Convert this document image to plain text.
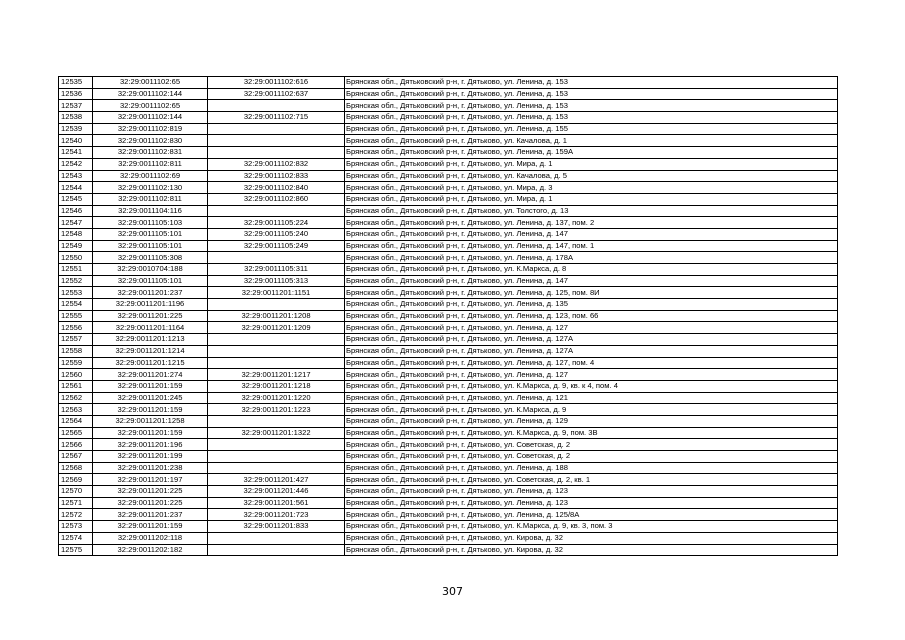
12535	32:29:0011102:65	32:29:0011102:616	Брянская обл., Дятьковский р-н, г. Дятьково, ул. Ленина, д. 153
12536	32:29:0011102:144	32:29:0011102:637	Брянская обл., Дятьковский р-н, г. Дятьково, ул. Ленина, д. 153
12537	32:29:0011102:65		Брянская обл., Дятьковский р-н, г. Дятьково, ул. Ленина, д. 153
12538	32:29:0011102:144	32:29:0011102:715	Брянская обл., Дятьковский р-н, г. Дятьково, ул. Ленина, д. 153
12539	32:29:0011102:819		Брянская обл., Дятьковский р-н, г. Дятьково, ул. Ленина, д. 155
12540	32:29:0011102:830		Брянская обл., Дятьковский р-н, г. Дятьково, ул. Качалова, д. 1
12541	32:29:0011102:831		Брянская обл., Дятьковский р-н, г. Дятьково, ул. Ленина, д. 159А
12542	32:29:0011102:811	32:29:0011102:832	Брянская обл., Дятьковский р-н, г. Дятьково, ул. Мира, д. 1
12543	32:29:0011102:69	32:29:0011102:833	Брянская обл., Дятьковский р-н, г. Дятьково, ул. Качалова, д. 5
12544	32:29:0011102:130	32:29:0011102:840	Брянская обл., Дятьковский р-н, г. Дятьково, ул. Мира, д. 3
12545	32:29:0011102:811	32:29:0011102:860	Брянская обл., Дятьковский р-н, г. Дятьково, ул. Мира, д. 1
12546	32:29:0011104:116		Брянская обл., Дятьковский р-н, г. Дятьково, ул. Толстого, д. 13
12547	32:29:0011105:103	32:29:0011105:224	Брянская обл., Дятьковский р-н, г. Дятьково, ул. Ленина, д. 137, пом. 2
12548	32:29:0011105:101	32:29:0011105:240	Брянская обл., Дятьковский р-н, г. Дятьково, ул. Ленина, д. 147
12549	32:29:0011105:101	32:29:0011105:249	Брянская обл., Дятьковский р-н, г. Дятьково, ул. Ленина, д. 147, пом. 1
12550	32:29:0011105:308		Брянская обл., Дятьковский р-н, г. Дятьково, ул. Ленина, д. 178А
12551	32:29:0010704:188	32:29:0011105:311	Брянская обл., Дятьковский р-н, г. Дятьково, ул. К.Маркса, д. 8
12552	32:29:0011105:101	32:29:0011105:313	Брянская обл., Дятьковский р-н, г. Дятьково, ул. Ленина, д. 147
12553	32:29:0011201:237	32:29:0011201:1151	Брянская обл., Дятьковский р-н, г. Дятьково, ул. Ленина, д. 125, пом. 8И
12554	32:29:0011201:1196		Брянская обл., Дятьковский р-н, г. Дятьково, ул. Ленина, д. 135
12555	32:29:0011201:225	32:29:0011201:1208	Брянская обл., Дятьковский р-н, г. Дятьково, ул. Ленина, д. 123, пом. 66
12556	32:29:0011201:1164	32:29:0011201:1209	Брянская обл., Дятьковский р-н, г. Дятьково, ул. Ленина, д. 127
12557	32:29:0011201:1213		Брянская обл., Дятьковский р-н, г. Дятьково, ул. Ленина, д. 127А
12558	32:29:0011201:1214		Брянская обл., Дятьковский р-н, г. Дятьково, ул. Ленина, д. 127А
12559	32:29:0011201:1215		Брянская обл., Дятьковский р-н, г. Дятьково, ул. Ленина, д. 127, пом. 4
12560	32:29:0011201:274	32:29:0011201:1217	Брянская обл., Дятьковский р-н, г. Дятьково, ул. Ленина, д. 127
12561	32:29:0011201:159	32:29:0011201:1218	Брянская обл., Дятьковский р-н, г. Дятьково, ул. К.Маркса, д. 9, кв. к 4, пом. 4
12562	32:29:0011201:245	32:29:0011201:1220	Брянская обл., Дятьковский р-н, г. Дятьково, ул. Ленина, д. 121
12563	32:29:0011201:159	32:29:0011201:1223	Брянская обл., Дятьковский р-н, г. Дятьково, ул. К.Маркса, д. 9
12564	32:29:0011201:1258		Брянская обл., Дятьковский р-н, г. Дятьково, ул. Ленина, д. 129
12565	32:29:0011201:159	32:29:0011201:1322	Брянская обл., Дятьковский р-н, г. Дятьково, ул. К.Маркса, д. 9, пом. 3В
12566	32:29:0011201:196		Брянская обл., Дятьковский р-н, г. Дятьково, ул. Советская, д. 2
12567	32:29:0011201:199		Брянская обл., Дятьковский р-н, г. Дятьково, ул. Советская, д. 2
12568	32:29:0011201:238		Брянская обл., Дятьковский р-н, г. Дятьково, ул. Ленина, д. 188
12569	32:29:0011201:197	32:29:0011201:427	Брянская обл., Дятьковский р-н, г. Дятьково, ул. Советская, д. 2, кв. 1
12570	32:29:0011201:225	32:29:0011201:446	Брянская обл., Дятьковский р-н, г. Дятьково, ул. Ленина, д. 123
12571	32:29:0011201:225	32:29:0011201:561	Брянская обл., Дятьковский р-н, г. Дятьково, ул. Ленина, д. 123
12572	32:29:0011201:237	32:29:0011201:723	Брянская обл., Дятьковский р-н, г. Дятьково, ул. Ленина, д. 125/8А
12573	32:29:0011201:159	32:29:0011201:833	Брянская обл., Дятьковский р-н, г. Дятьково, ул. К.Маркса, д. 9, кв. 3, пом. 3
12574	32:29:0011202:118		Брянская обл., Дятьковский р-н, г. Дятьково, ул. Кирова, д. 32
12575	32:29:0011202:182		Брянская обл., Дятьковский р-н, г. Дятьково, ул. Кирова, д. 32
307
